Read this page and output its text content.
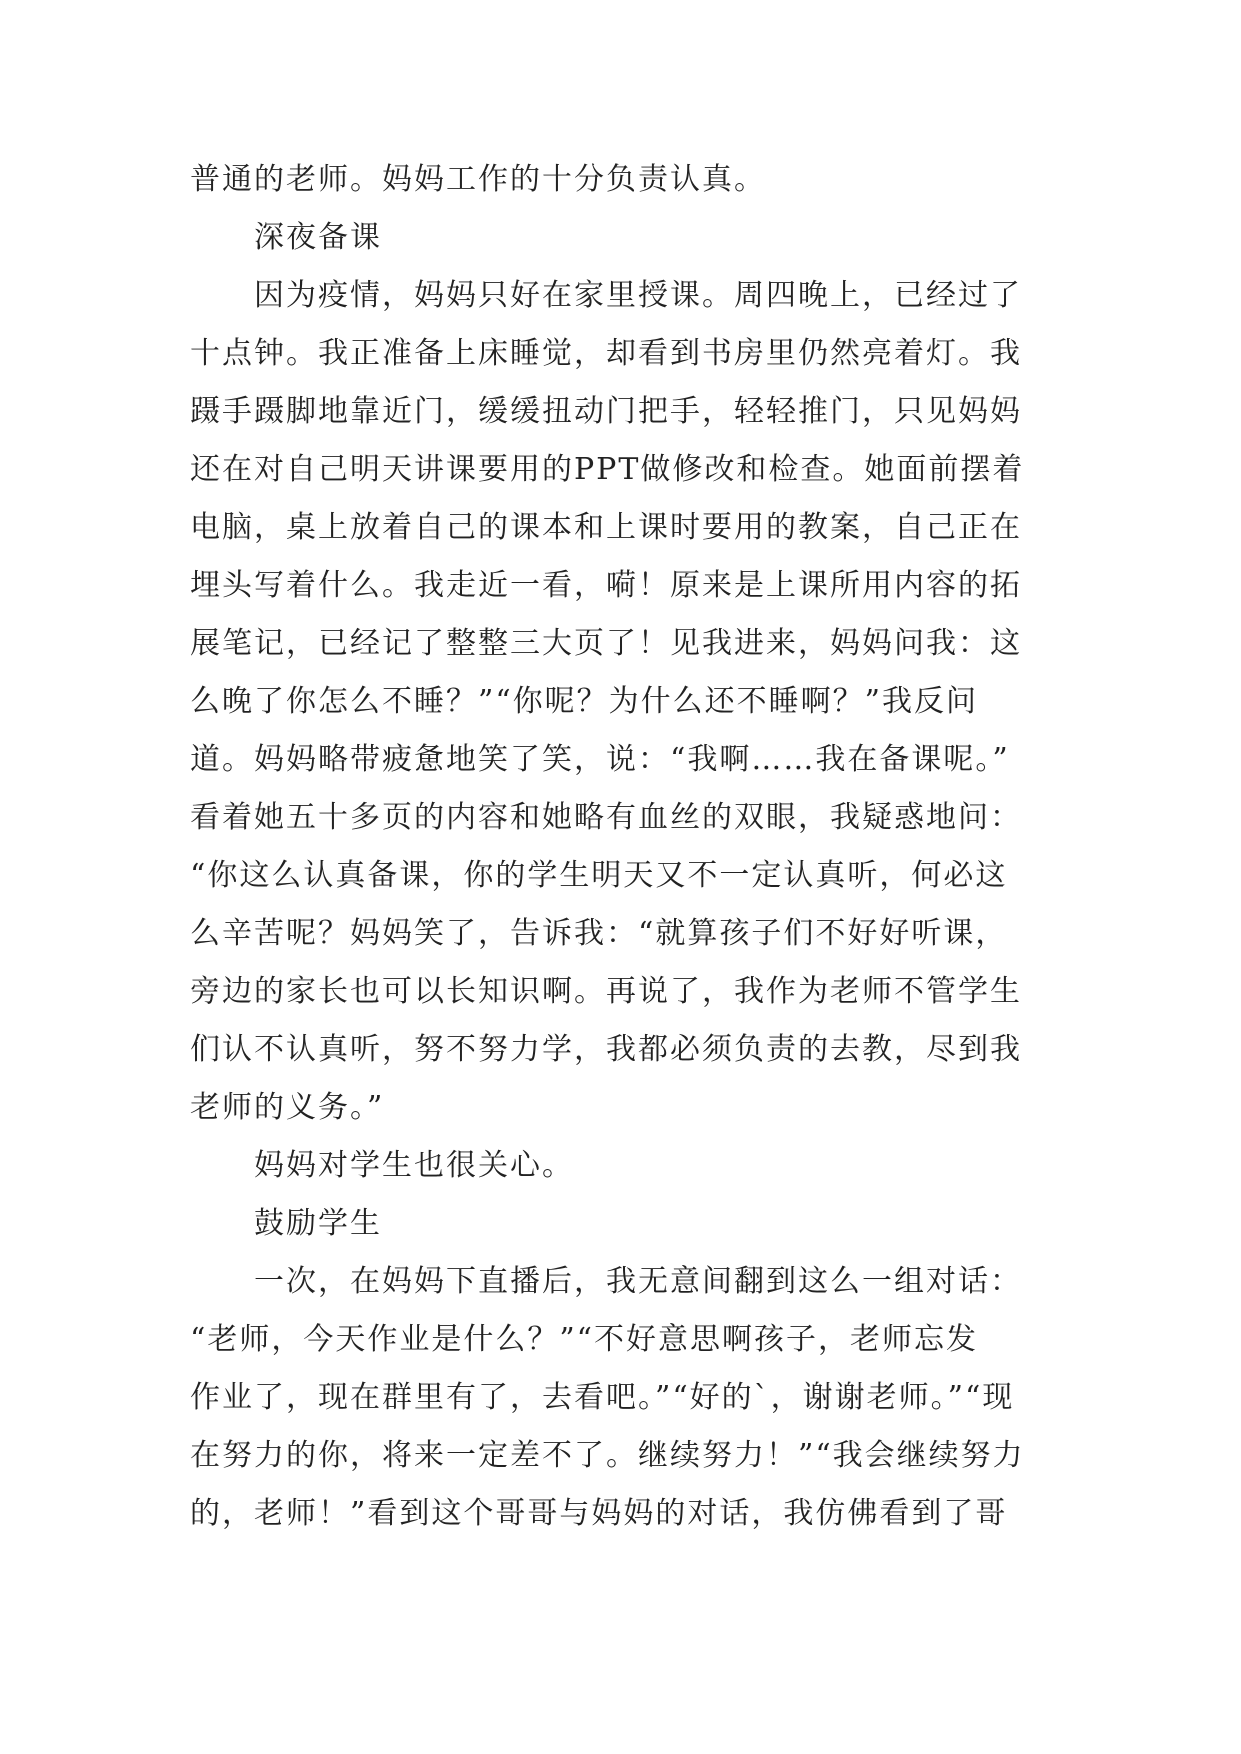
普通的老师。妈妈工作的十分负责认真。

深夜备课

因为疫情，妈妈只好在家里授课。周四晚上，已经过了

十点钟。我正准备上床睡觉，却看到书房里仍然亮着灯。我

蹑手蹑脚地靠近门，缓缓扭动门把手，轻轻推门，只见妈妈

还在对自己明天讲课要用的PPT做修改和检查。她面前摆着

电脑，桌上放着自己的课本和上课时要用的教案，自己正在

埋头写着什么。我走近一看，嗬！原来是上课所用内容的拓

展笔记，已经记了整整三大页了！见我进来，妈妈问我：这

么晚了你怎么不睡？”“你呢？为什么还不睡啊？”我反问

道。妈妈略带疲惫地笑了笑，说：“我啊……我在备课呢。”

看着她五十多页的内容和她略有血丝的双眼，我疑惑地问：

“你这么认真备课，你的学生明天又不一定认真听，何必这

么辛苦呢？妈妈笑了，告诉我：“就算孩子们不好好听课，

旁边的家长也可以长知识啊。再说了，我作为老师不管学生

们认不认真听，努不努力学，我都必须负责的去教，尽到我

老师的义务。”

妈妈对学生也很关心。

鼓励学生

一次，在妈妈下直播后，我无意间翻到这么一组对话：

“老师，今天作业是什么？”“不好意思啊孩子，老师忘发

作业了，现在群里有了，去看吧。”“好的`，谢谢老师。”“现

在努力的你，将来一定差不了。继续努力！”“我会继续努力

的，老师！”看到这个哥哥与妈妈的对话，我仿佛看到了哥
